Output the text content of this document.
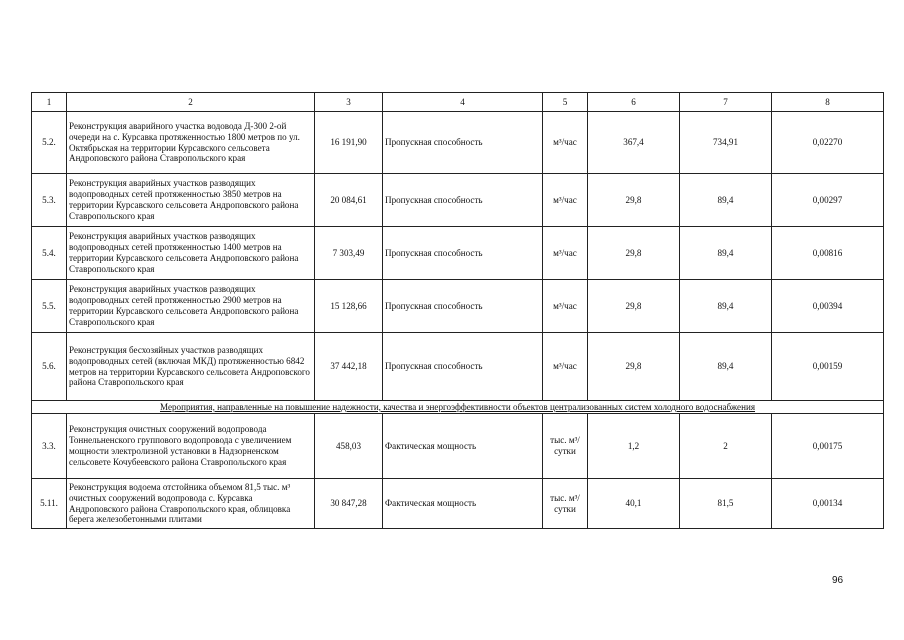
1	2	3	4	5	6	7	8
5.2.	Реконструкция аварийного участка водовода Д-300 2-ой очереди на с. Курсавка протяженностью 1800 метров по ул. Октябрьская на территории Курсавского сельсовета Андроповского района Ставропольского края	16 191,90	Пропускная способность	м³/час	367,4	734,91	0,02270
5.3.	Реконструкция аварийных участков разводящих водопроводных сетей протяженностью 3850 метров на территории Курсавского сельсовета Андроповского района Ставропольского края	20 084,61	Пропускная способность	м³/час	29,8	89,4	0,00297
5.4.	Реконструкция аварийных участков разводящих водопроводных сетей протяженностью 1400 метров на территории Курсавского сельсовета Андроповского района Ставропольского края	7 303,49	Пропускная способность	м³/час	29,8	89,4	0,00816
5.5.	Реконструкция аварийных участков разводящих водопроводных сетей протяженностью 2900 метров на территории Курсавского сельсовета Андроповского района Ставропольского края	15 128,66	Пропускная способность	м³/час	29,8	89,4	0,00394
5.6.	Реконструкция бесхозяйных участков разводящих водопроводных сетей (включая МКД) протяженностью 6842 метров на территории Курсавского сельсовета Андроповского района Ставропольского края	37 442,18	Пропускная способность	м³/час	29,8	89,4	0,00159
Мероприятия, направленные на повышение надежности, качества и энергоэффективности объектов централизованных систем холодного водоснабжения							
3.3.	Реконструкция очистных сооружений водопровода Тоннельненского группового водопровода с увеличением мощности электролизной установки в Надзорненском сельсовете Кочубеевского района Ставропольского края	458,03	Фактическая мощность	тыс. м³/сутки	1,2	2	0,00175
5.11.	Реконструкция водоема отстойника объемом 81,5 тыс. м³ очистных сооружений водопровода с. Курсавка Андроповского района Ставропольского края, облицовка берега железобетонными плитами	30 847,28	Фактическая мощность	тыс. м³/сутки	40,1	81,5	0,00134
96
